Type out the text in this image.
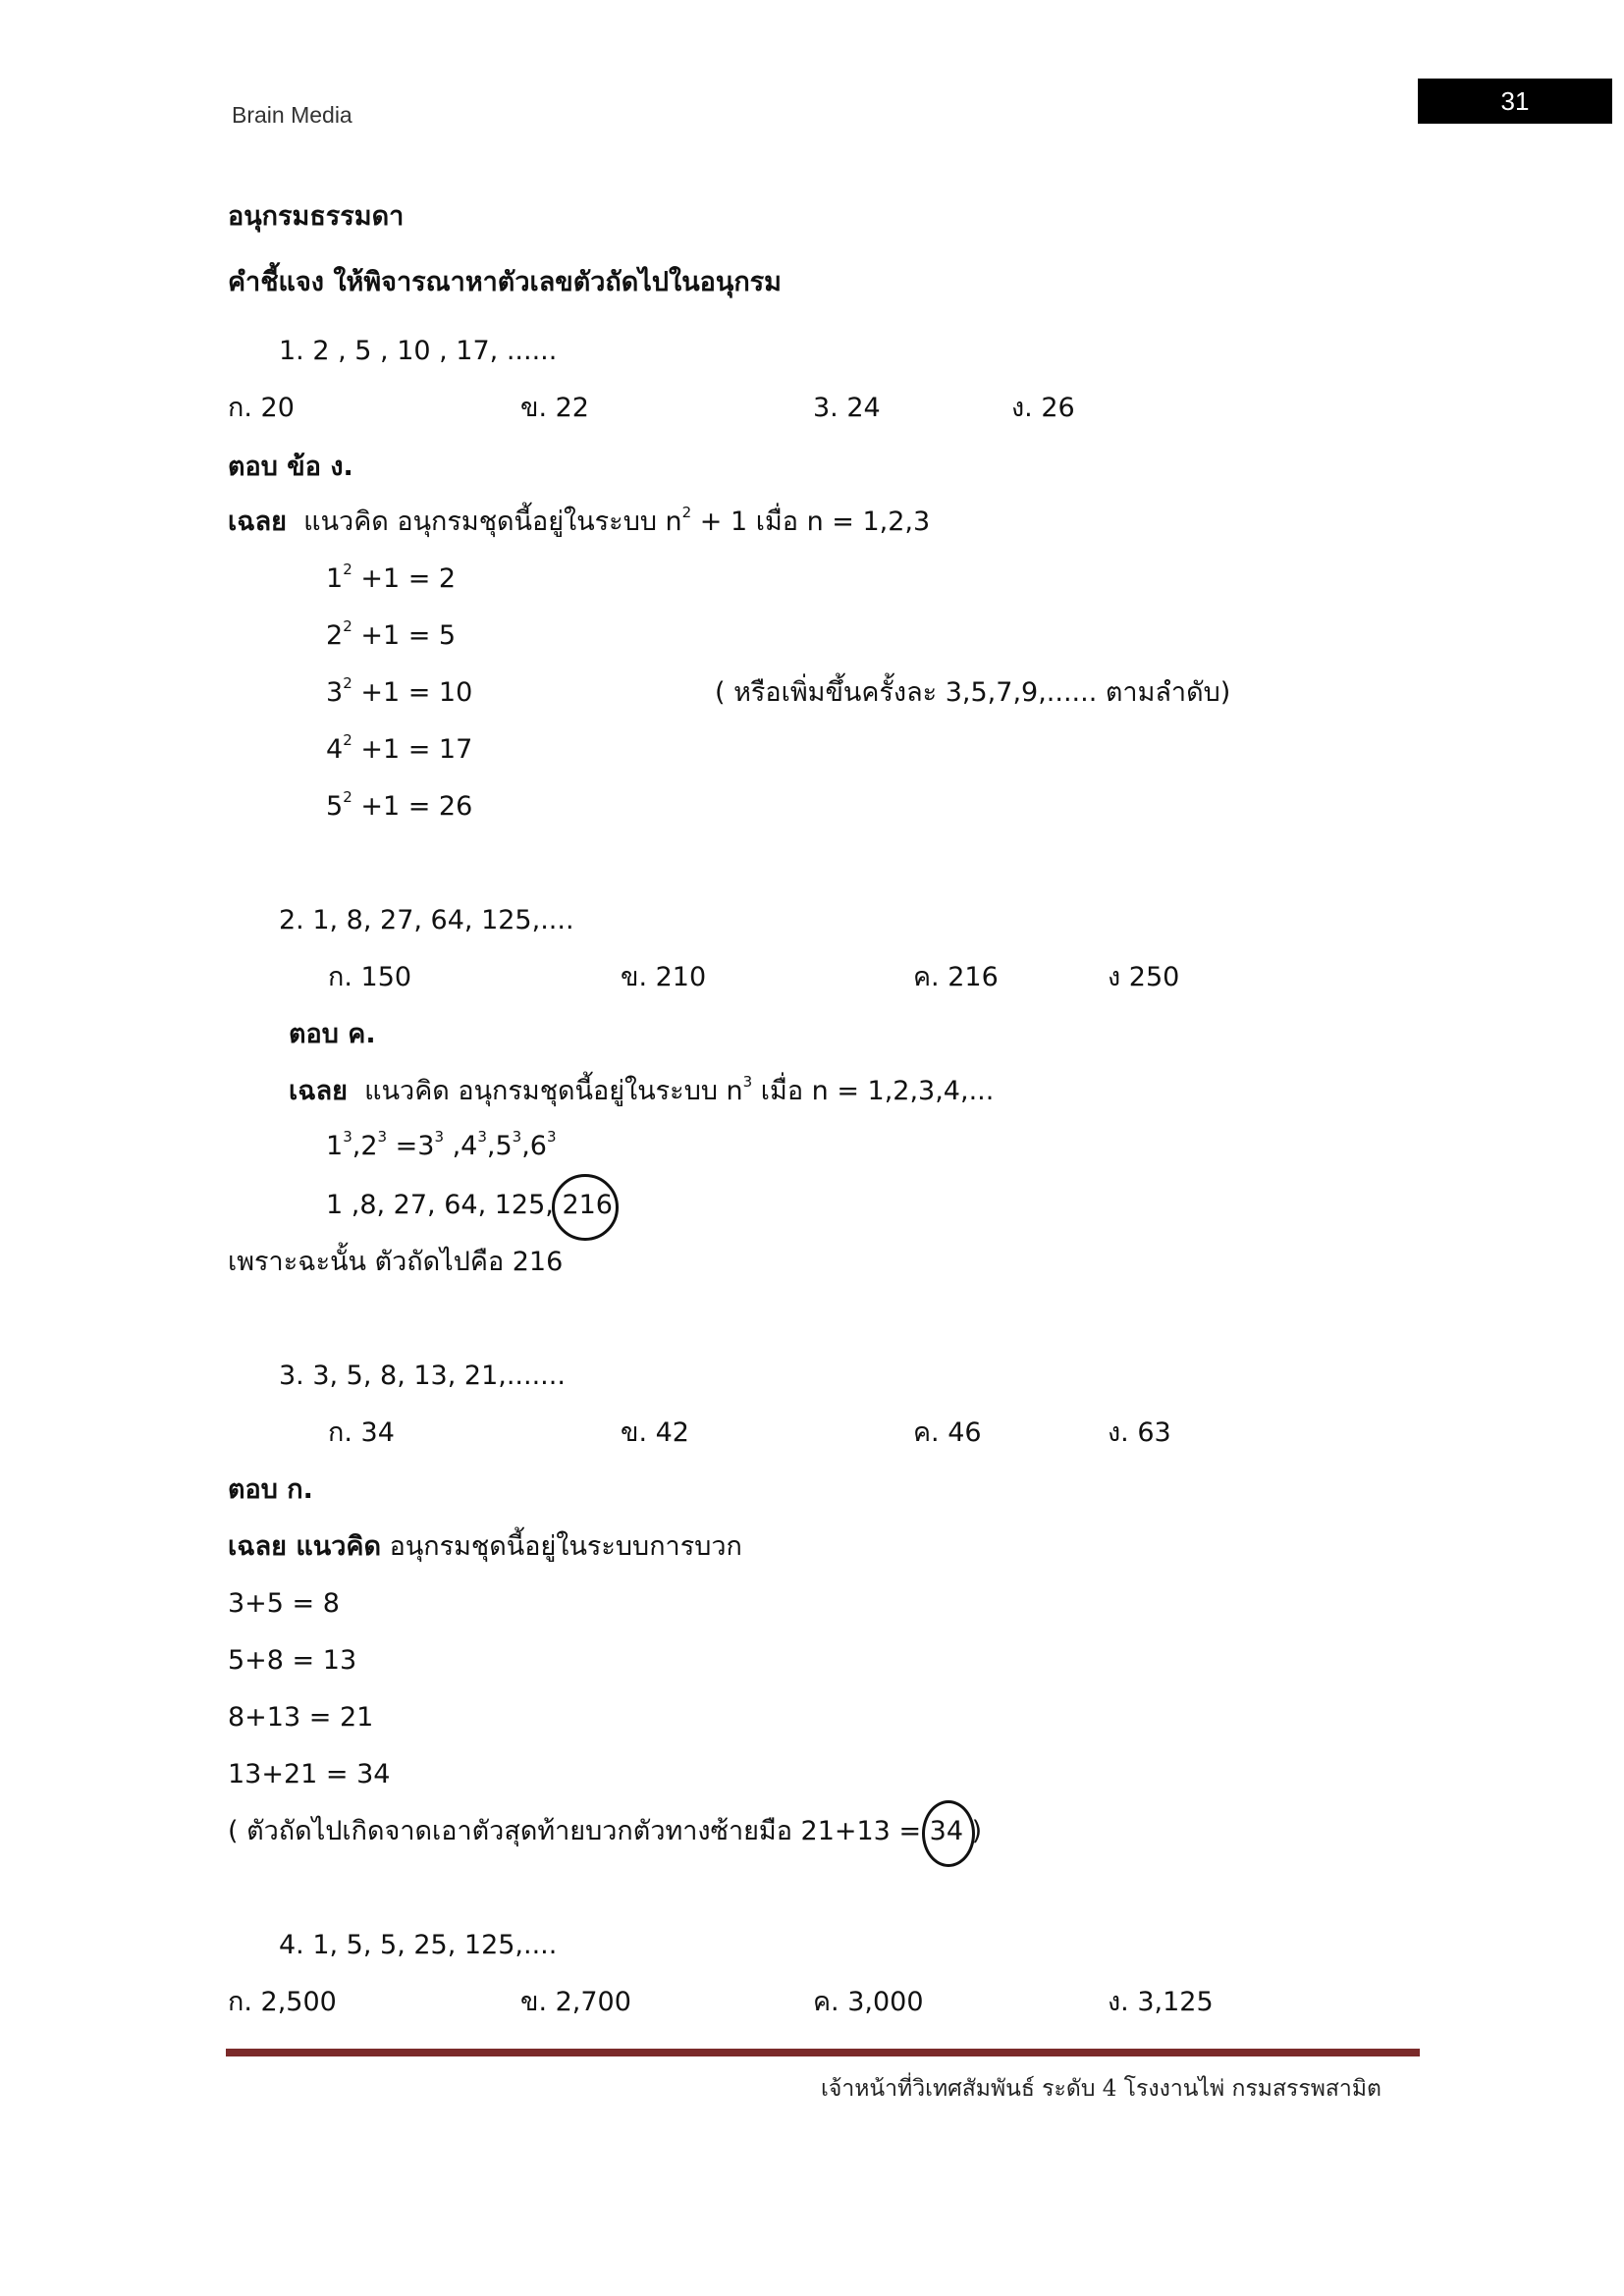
Brain Media	31
อนุกรมธรรมดา
คำชี้แจง ให้พิจารณาหาตัวเลขตัวถัดไปในอนุกรม
1. 2 , 5 , 10 , 17, ......
ก. 20	ข. 22	3. 24	ง. 26
ตอบ ข้อ ง.
เฉลย แนวคิด อนุกรมชุดนี้อยู่ในระบบ $n^2 + 1$ เมื่อ n = 1,2,3
$1^2 +1 = 2$
$2^2 +1 = 5$
$3^2 +1 = 10$	( หรือเพิ่มขึ้นครั้งละ 3,5,7,9,...... ตามลำดับ)
$4^2 +1 = 17$
$5^2 +1 = 26$
2. 1, 8, 27, 64, 125,....
ก. 150	ข. 210	ค. 216	ง 250
ตอบ ค.
เฉลย แนวคิด อนุกรมชุดนี้อยู่ในระบบ $n^3$ เมื่อ n = 1,2,3,4,...
$1^3,2^3 =3^3$ $,4^3,5^3,6^3$
1 ,8, 27, 64, 125, 216
เพราะฉะนั้น ตัวถัดไปคือ 216
3. 3, 5, 8, 13, 21,.......
ก. 34	ข. 42	ค. 46	ง. 63
ตอบ ก.
เฉลย แนวคิด อนุกรมชุดนี้อยู่ในระบบการบวก
3+5 = 8
5+8 = 13
8+13 = 21
13+21 = 34
( ตัวถัดไปเกิดจาดเอาตัวสุดท้ายบวกตัวทางซ้ายมือ 21+13 = 34 )
4. 1, 5, 5, 25, 125,....
ก. 2,500	ข. 2,700	ค. 3,000	ง. 3,125
เจ้าหน้าที่วิเทศสัมพันธ์ ระดับ 4 โรงงานไพ่ กรมสรรพสามิต
